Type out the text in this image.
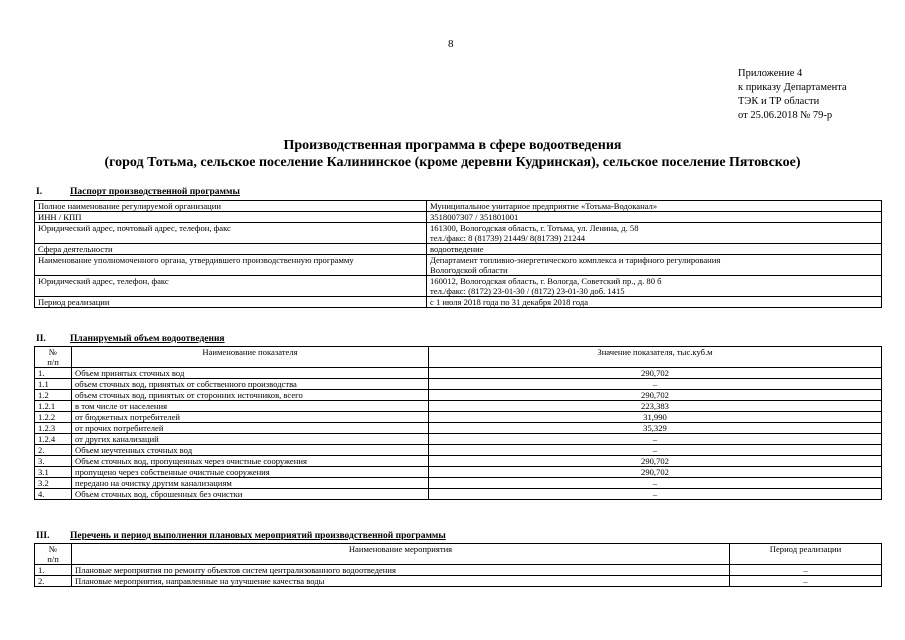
8
Приложение 4
к приказу Департамента
ТЭК и ТР области
от 25.06.2018 № 79-р
Производственная программа в сфере водоотведения
(город Тотьма, сельское поселение Калининское (кроме деревни Кудринская), сельское поселение Пятовское)
I.	Паспорт производственной программы
Полное наименование регулируемой организации	Муниципальное унитарное предприятие «Тотьма-Водоканал»
ИНН / КПП	3518007307 / 351801001
Юридический адрес, почтовый адрес, телефон, факс	161300, Вологодская область, г. Тотьма, ул. Ленина, д. 58
тел./факс: 8 (81739) 21449/ 8(81739) 21244

Сфера деятельности	водоотведение
Наименование уполномоченного органа, утвердившего производственную программу	Департамент топливно-энергетического комплекса и тарифного регулирования
Вологодской области

Юридический адрес, телефон, факс	160012, Вологодская область, г. Вологда, Советский пр., д. 80 б
тел./факс: (8172) 23-01-30 / (8172) 23-01-30 доб. 1415

Период реализации	с 1 июля 2018 года по 31 декабря 2018 года
II.	Планируемый объем водоотведения
№
п/п	Наименование показателя	Значение показателя, тыс.куб.м
1.	Объем принятых сточных вод	290,702
1.1	объем сточных вод, принятых от собственного производства	–
1.2	объем сточных вод, принятых от сторонних источников, всего	290,702
1.2.1	в том числе от населения	223,383
1.2.2	от бюджетных потребителей	31,990
1.2.3	от прочих потребителей	35,329
1.2.4	от других канализаций	–
2.	Объем неучтенных сточных вод	–
3.	Объем сточных вод, пропущенных через очистные сооружения	290,702
3.1	пропущено через собственные очистные сооружения	290,702
3.2	передано на очистку другим канализациям	–
4.	Объем сточных вод, сброшенных без очистки	–
III. Перечень и период выполнения плановых мероприятий производственной программы
№
п/п	Наименование мероприятия	Период реализации
1.	Плановые мероприятия по ремонту объектов систем централизованного водоотведения	–
2.	Плановые мероприятия, направленные на улучшение качества воды	–
